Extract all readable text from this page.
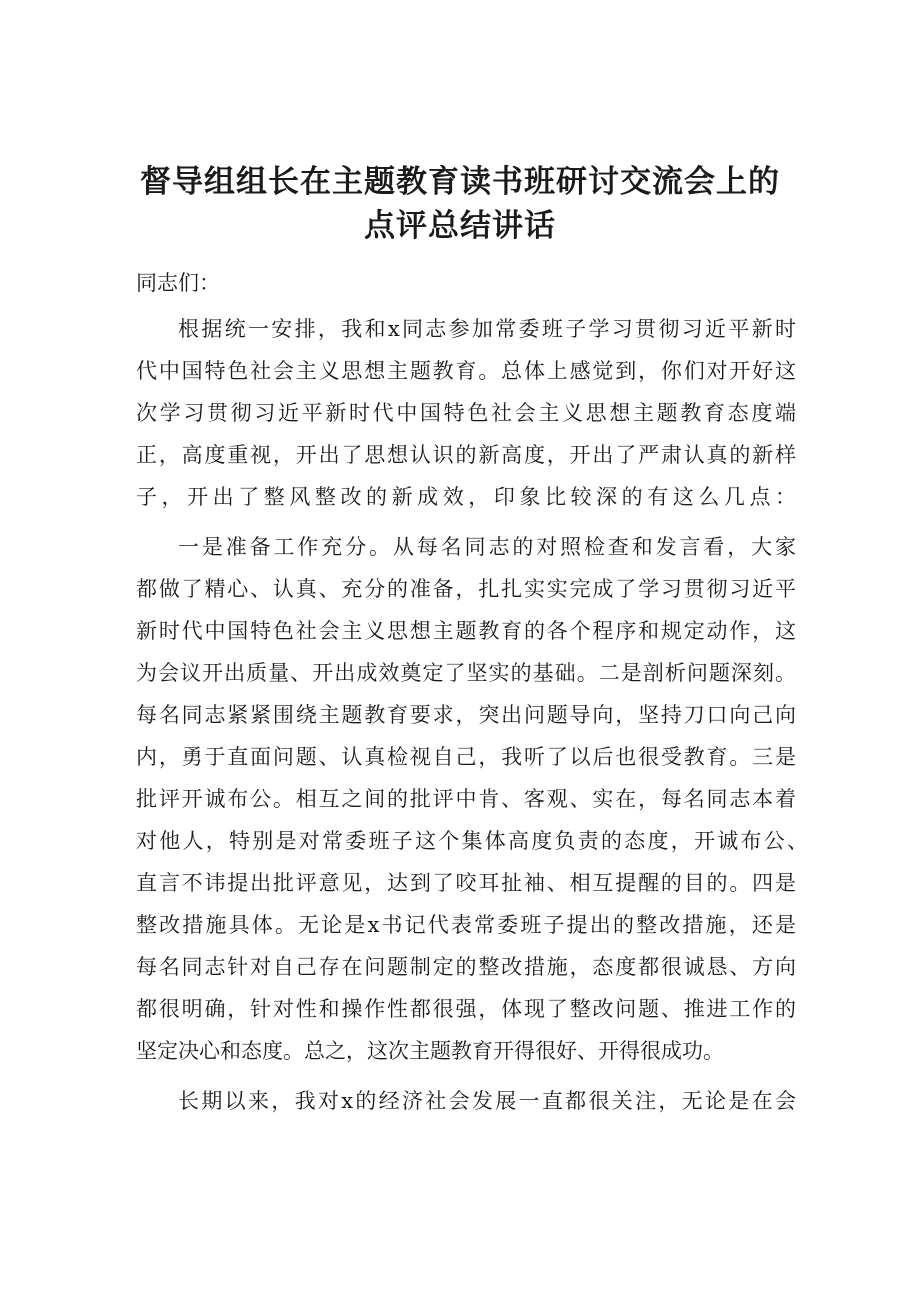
督导组组长在主题教育读书班研讨交流会上的
点评总结讲话

同志们：

根据统一安排，我和x同志参加常委班子学习贯彻习近平新时

代中国特色社会主义思想主题教育。总体上感觉到，你们对开好这

次学习贯彻习近平新时代中国特色社会主义思想主题教育态度端

正，高度重视，开出了思想认识的新高度，开出了严肃认真的新样

子，开出了整风整改的新成效，印象比较深的有这么几点：

一是准备工作充分。从每名同志的对照检查和发言看，大家

都做了精心、认真、充分的准备，扎扎实实完成了学习贯彻习近平

新时代中国特色社会主义思想主题教育的各个程序和规定动作，这

为会议开出质量、开出成效奠定了坚实的基础。二是剖析问题深刻。

每名同志紧紧围绕主题教育要求，突出问题导向，坚持刀口向己向

内，勇于直面问题、认真检视自己，我听了以后也很受教育。三是

批评开诚布公。相互之间的批评中肯、客观、实在，每名同志本着

对他人，特别是对常委班子这个集体高度负责的态度，开诚布公、

直言不讳提出批评意见，达到了咬耳扯袖、相互提醒的目的。四是

整改措施具体。无论是x书记代表常委班子提出的整改措施，还是

每名同志针对自己存在问题制定的整改措施，态度都很诚恳、方向

都很明确，针对性和操作性都很强，体现了整改问题、推进工作的

坚定决心和态度。总之，这次主题教育开得很好、开得很成功。

长期以来，我对x的经济社会发展一直都很关注，无论是在会
